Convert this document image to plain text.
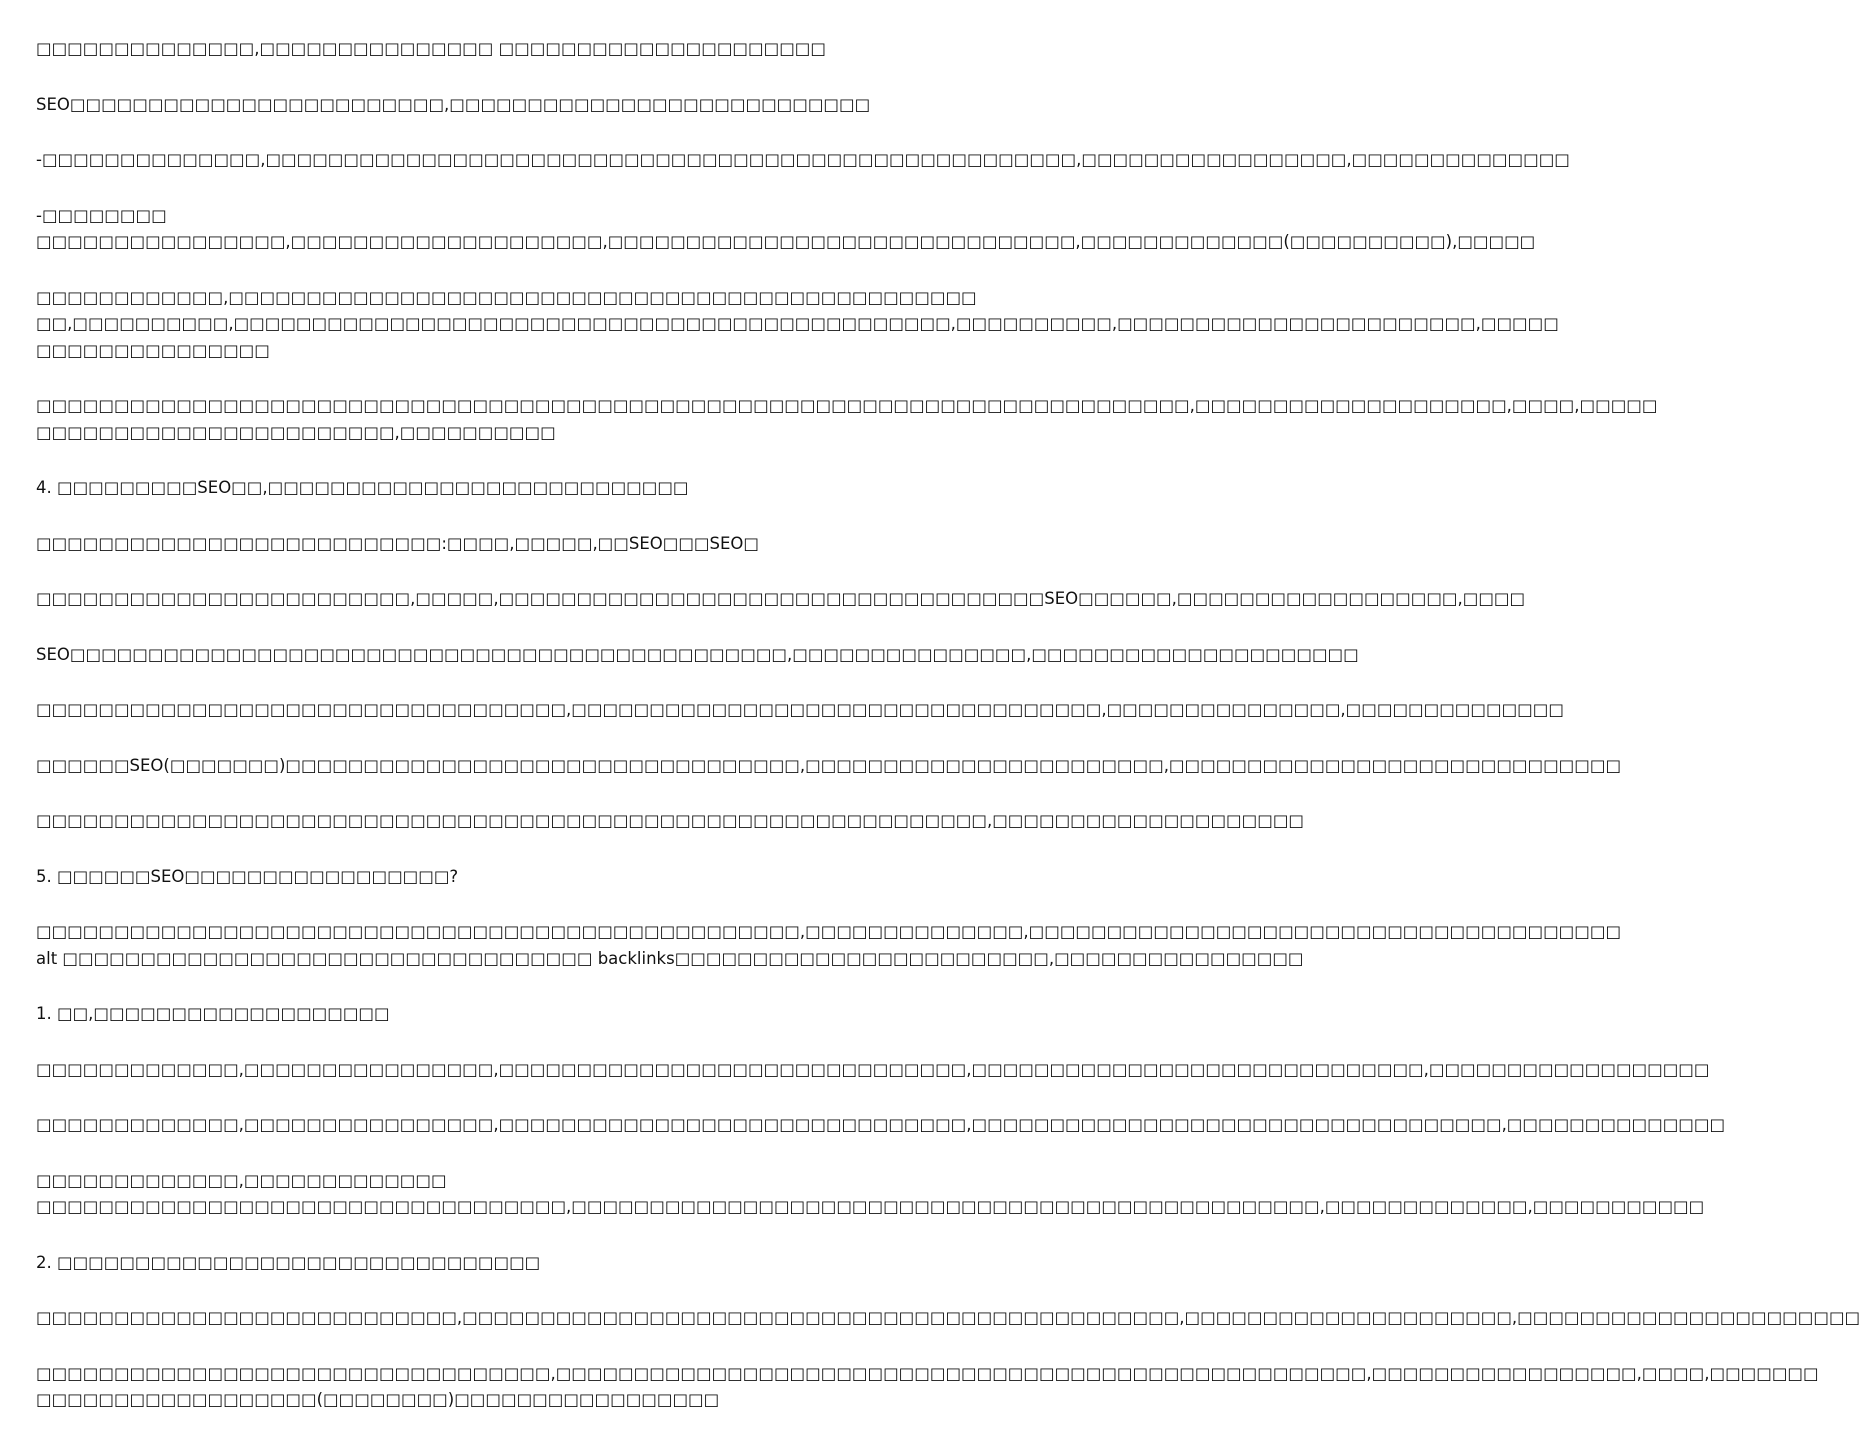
□□□□□□□□□□□□□□,□□□□□□□□□□□□□□□ □□□□□□□□□□□□□□□□□□□□□
SEO□□□□□□□□□□□□□□□□□□□□□□□□,□□□□□□□□□□□□□□□□□□□□□□□□□□□
-□□□□□□□□□□□□□□,□□□□□□□□□□□□□□□□□□□□□□□□□□□□□□□□□□□□□□□□□□□□□□□□□□□□,□□□□□□□□□□□□□□□□□,□□□□□□□□□□□□□□
-□□□□□□□□
□□□□□□□□□□□□□□□□,□□□□□□□□□□□□□□□□□□□□,□□□□□□□□□□□□□□□□□□□□□□□□□□□□□□,□□□□□□□□□□□□□(□□□□□□□□□□),□□□□□
□□□□□□□□□□□□,□□□□□□□□□□□□□□□□□□□□□□□□□□□□□□□□□□□□□□□□□□□□□□□□
□□,□□□□□□□□□□,□□□□□□□□□□□□□□□□□□□□□□□□□□□□□□□□□□□□□□□□□□□□□□,□□□□□□□□□□,□□□□□□□□□□□□□□□□□□□□□□□,□□□□□
□□□□□□□□□□□□□□□
□□□□□□□□□□□□□□□□□□□□□□□□□□□□□□□□□□□□□□□□□□□□□□□□□□□□□□□□□□□□□□□□□□□□□□□□□□,□□□□□□□□□□□□□□□□□□□□,□□□□,□□□□□
□□□□□□□□□□□□□□□□□□□□□□□,□□□□□□□□□□
4. □□□□□□□□□SEO□□,□□□□□□□□□□□□□□□□□□□□□□□□□□□
□□□□□□□□□□□□□□□□□□□□□□□□□□:□□□□,□□□□□,□□SEO□□□SEO□
□□□□□□□□□□□□□□□□□□□□□□□□,□□□□□,□□□□□□□□□□□□□□□□□□□□□□□□□□□□□□□□□□□SEO□□□□□□,□□□□□□□□□□□□□□□□□□,□□□□
SEO□□□□□□□□□□□□□□□□□□□□□□□□□□□□□□□□□□□□□□□□□□□□□□,□□□□□□□□□□□□□□□,□□□□□□□□□□□□□□□□□□□□□
□□□□□□□□□□□□□□□□□□□□□□□□□□□□□□□□□□,□□□□□□□□□□□□□□□□□□□□□□□□□□□□□□□□□□,□□□□□□□□□□□□□□□,□□□□□□□□□□□□□□
□□□□□□SEO(□□□□□□□)□□□□□□□□□□□□□□□□□□□□□□□□□□□□□□□□□,□□□□□□□□□□□□□□□□□□□□□□□,□□□□□□□□□□□□□□□□□□□□□□□□□□□□□
□□□□□□□□□□□□□□□□□□□□□□□□□□□□□□□□□□□□□□□□□□□□□□□□□□□□□□□□□□□□□,□□□□□□□□□□□□□□□□□□□□
5. □□□□□□SEO□□□□□□□□□□□□□□□□□?
□□□□□□□□□□□□□□□□□□□□□□□□□□□□□□□□□□□□□□□□□□□□□□□□□,□□□□□□□□□□□□□□,□□□□□□□□□□□□□□□□□□□□□□□□□□□□□□□□□□□□□□
alt □□□□□□□□□□□□□□□□□□□□□□□□□□□□□□□□□□ backlinks□□□□□□□□□□□□□□□□□□□□□□□□,□□□□□□□□□□□□□□□□
1. □□,□□□□□□□□□□□□□□□□□□□
□□□□□□□□□□□□□,□□□□□□□□□□□□□□□□,□□□□□□□□□□□□□□□□□□□□□□□□□□□□□□,□□□□□□□□□□□□□□□□□□□□□□□□□□□□□,□□□□□□□□□□□□□□□□□□
□□□□□□□□□□□□□,□□□□□□□□□□□□□□□□,□□□□□□□□□□□□□□□□□□□□□□□□□□□□□□,□□□□□□□□□□□□□□□□□□□□□□□□□□□□□□□□□□,□□□□□□□□□□□□□□
□□□□□□□□□□□□□,□□□□□□□□□□□□□
□□□□□□□□□□□□□□□□□□□□□□□□□□□□□□□□□□,□□□□□□□□□□□□□□□□□□□□□□□□□□□□□□□□□□□□□□□□□□□□□□□□,□□□□□□□□□□□□□,□□□□□□□□□□□
2. □□□□□□□□□□□□□□□□□□□□□□□□□□□□□□□
□□□□□□□□□□□□□□□□□□□□□□□□□□□,□□□□□□□□□□□□□□□□□□□□□□□□□□□□□□□□□□□□□□□□□□□□□□,□□□□□□□□□□□□□□□□□□□□□,□□□□□□□□□□□□□□□□□□□□□□
□□□□□□□□□□□□□□□□□□□□□□□□□□□□□□□□□,□□□□□□□□□□□□□□□□□□□□□□□□□□□□□□□□□□□□□□□□□□□□□□□□□□□□,□□□□□□□□□□□□□□□□□,□□□□,□□□□□□□
□□□□□□□□□□□□□□□□□□(□□□□□□□□)□□□□□□□□□□□□□□□□□
